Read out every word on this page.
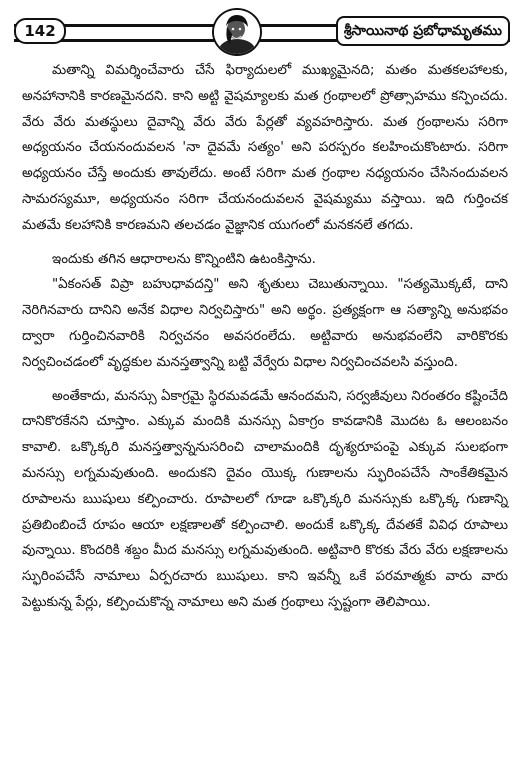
142	శ్రీసాయినాథ ప్రబోధామృతము

మతాన్ని విమర్శించేవారు చేసే ఫిర్యాదులలో ముఖ్యమైనది; మతం మతకలహాలకు, అనహానానికి కారణమైనదని. కాని అట్టి వైషమ్యాలకు మత గ్రంథాలలో ప్రోత్సాహము కన్పించదు. వేరు వేరు మతస్థులు దైవాన్ని వేరు వేరు పేర్లతో వ్యవహరిస్తారు. మత గ్రంథాలను సరిగా అధ్యయనం చేయనందువలన 'నా దైవమే సత్యం' అని పరస్పరం కలహించుకొంటారు. సరిగా అధ్యయనం చేస్తే అందుకు తావులేదు. అంటే సరిగా మత గ్రంథాల నధ్యయనం చేసినందువలన సామరస్యమూ, అధ్యయనం సరిగా చేయనందువలన వైషమ్యము వస్తాయి. ఇది గుర్తించక మతమే కలహానికి కారణమని తలచడం వైజ్ఞానిక యుగంలో మనకనలే తగదు.

ఇందుకు తగిన ఆధారాలను కొన్నింటిని ఉటంకిస్తాను.

"ఏకంసత్ విప్రా బహుధావదన్తి" అని శృతులు చెబుతున్నాయి. "సత్యమొక్కటే, దాని నెరిగినవారు దానిని అనేక విధాల నిర్వచిస్తారు" అని అర్థం. ప్రత్యక్షంగా ఆ సత్యాన్ని అనుభవం ద్వారా గుర్తించినవారికి నిర్వచనం అవసరంలేదు. అట్టివారు అనుభవంలేని వారికొరకు నిర్వచించడంలో వృద్ధకుల మనస్తత్వాన్ని బట్టి వేర్వేరు విధాల నిర్వచించవలసి వస్తుంది.

అంతేకాదు, మనస్సు ఏకాగ్రమై స్థిరమవడమే ఆనందమని, సర్వజీవులు నిరంతరం కష్టించేది దానికొరకేనని చూస్తాం. ఎక్కువ మందికి మనస్సు ఏకాగ్రం కావడానికి మొదట ఓ ఆలంబనం కావాలి. ఒక్కొక్కరి మనస్తత్వాన్ననుసరించి చాలామందికి దృశ్యరూపంపై ఎక్కువ సులభంగా మనస్సు లగ్నమవుతుంది. అందుకని దైవం యొక్క గుణాలను స్ఫురింపచేసే సాంకేతికమైన రూపాలను ఋషులు కల్పించారు. రూపాలలో గూడా ఒక్కొక్కరి మనస్సుకు ఒక్కొక్క గుణాన్ని ప్రతిబింబించే రూపం ఆయా లక్షణాలతో కల్పించాలి. అందుకే ఒక్కొక్క దేవతకే వివిధ రూపాలు వున్నాయి. కొందరికి శబ్దం మీద మనస్సు లగ్నమవుతుంది. అట్టివారి కొరకు వేరు వేరు లక్షణాలను స్ఫురింపచేసే నామాలు ఏర్పరచారు ఋషులు. కాని ఇవన్నీ ఒకే పరమాత్మకు వారు వారు పెట్టుకున్న పేర్లు, కల్పించుకొన్న నామాలు అని మత గ్రంథాలు స్పష్టంగా తెలిపాయి.
